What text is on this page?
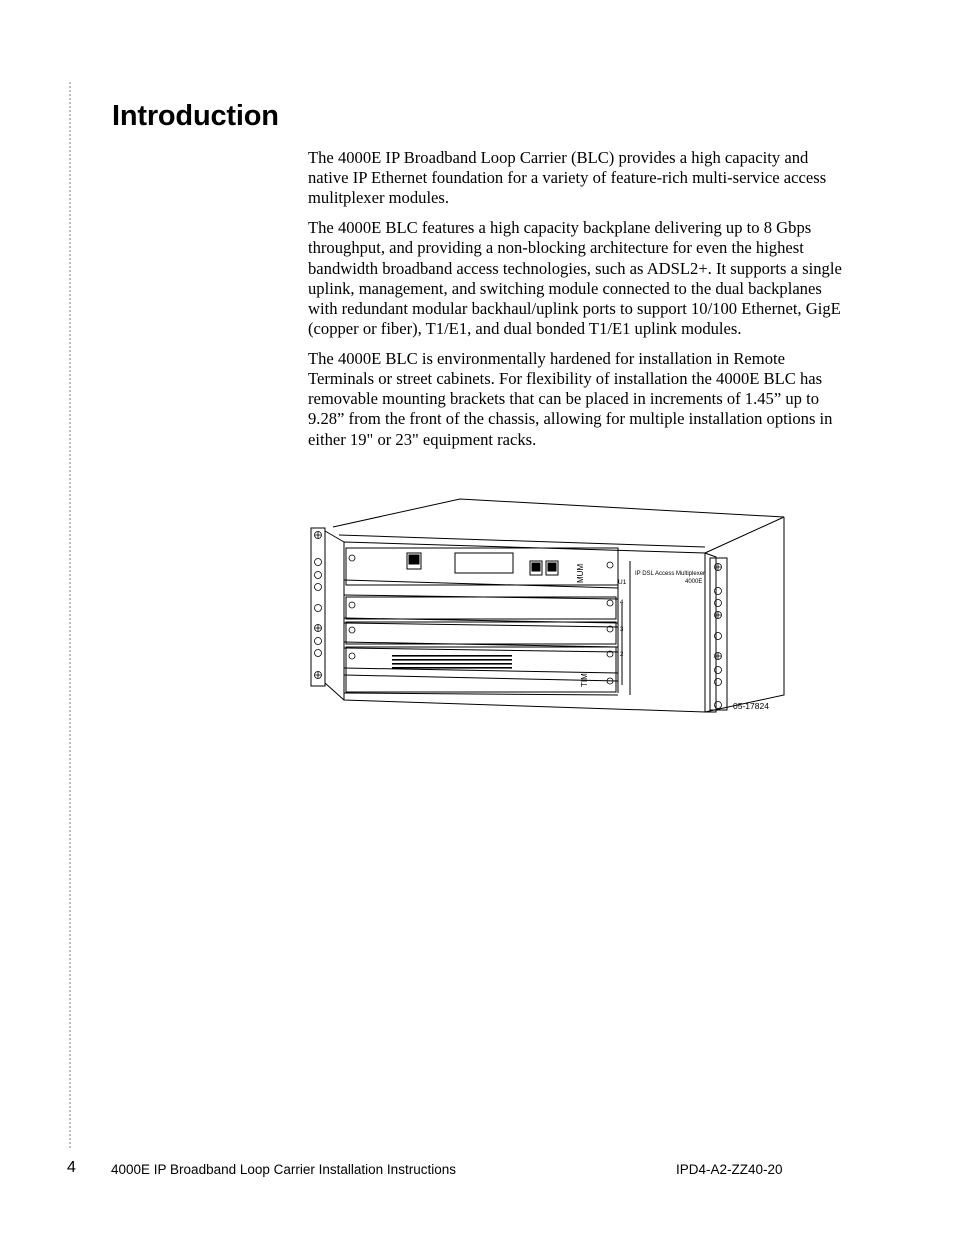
Introduction

The 4000E IP Broadband Loop Carrier (BLC) provides a high capacity and native IP Ethernet foundation for a variety of feature-rich multi-service access mulitplexer modules.

The 4000E BLC features a high capacity backplane delivering up to 8 Gbps throughput, and providing a non-blocking architecture for even the highest bandwidth broadband access technologies, such as ADSL2+. It supports a single uplink, management, and switching module connected to the dual backplanes with redundant modular backhaul/uplink ports to support 10/100 Ethernet, GigE (copper or fiber), T1/E1, and dual bonded T1/E1 uplink modules.

The 4000E BLC is environmentally hardened for installation in Remote Terminals or street cabinets. For flexibility of installation the 4000E BLC has removable mounting brackets that can be placed in increments of 1.45” up to 9.28” from the front of the chassis, allowing for multiple installation options in either 19" or 23" equipment racks.

MUM
TIM
U1
4
3
2
IP DSL Access Multiplexer
4000E
05-17824
4	4000E IP Broadband Loop Carrier Installation Instructions	IPD4-A2-ZZ40-20
